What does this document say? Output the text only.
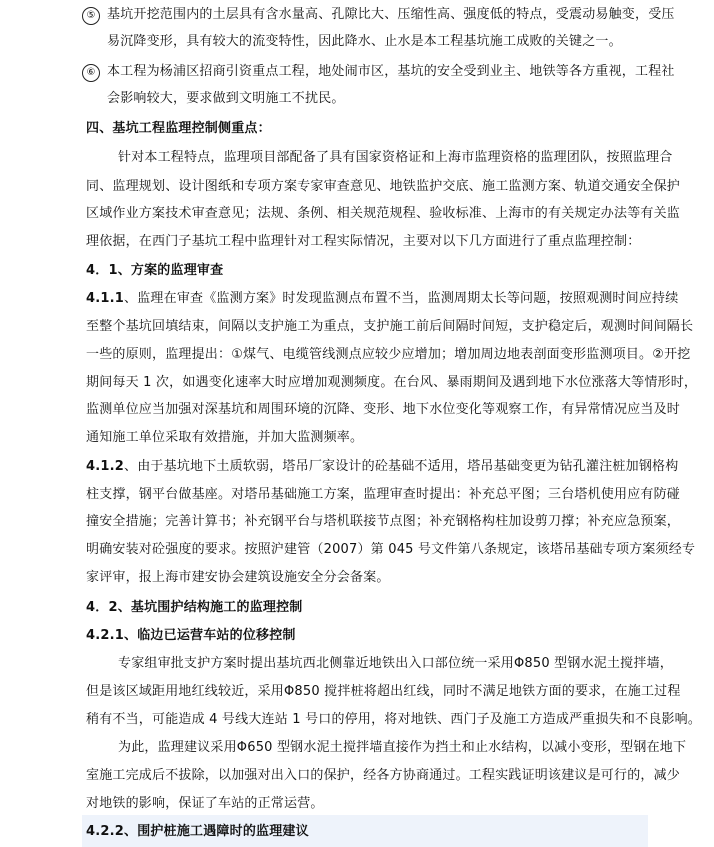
⑤ 基坑开挖范围内的土层具有含水量高、孔隙比大、压缩性高、强度低的特点，受震动易触变，受压
易沉降变形，具有较大的流变特性，因此降水、止水是本工程基坑施工成败的关键之一。
⑥ 本工程为杨浦区招商引资重点工程，地处闹市区，基坑的安全受到业主、地铁等各方重视，工程社
会影响较大，要求做到文明施工不扰民。
四、基坑工程监理控制侧重点：
针对本工程特点，监理项目部配备了具有国家资格证和上海市监理资格的监理团队，按照监理合
同、监理规划、设计图纸和专项方案专家审查意见、地铁监护交底、施工监测方案、轨道交通安全保护
区域作业方案技术审查意见；法规、条例、相关规范规程、验收标准、上海市的有关规定办法等有关监
理依据，在西门子基坑工程中监理针对工程实际情况，主要对以下几方面进行了重点监理控制：
4．1、方案的监理审查
4.1.1、监理在审查《监测方案》时发现监测点布置不当，监测周期太长等问题，按照观测时间应持续
至整个基坑回填结束，间隔以支护施工为重点，支护施工前后间隔时间短，支护稳定后，观测时间间隔长
一些的原则，监理提出：①煤气、电缆管线测点应较少应增加；增加周边地表剖面变形监测项目。②开挖
期间每天 1 次，如遇变化速率大时应增加观测频度。在台风、暴雨期间及遇到地下水位涨落大等情形时，
监测单位应当加强对深基坑和周围环境的沉降、变形、地下水位变化等观察工作，有异常情况应当及时
通知施工单位采取有效措施，并加大监测频率。
4.1.2、由于基坑地下土质软弱，塔吊厂家设计的砼基础不适用，塔吊基础变更为钻孔灌注桩加钢格构
柱支撑，钢平台做基座。对塔吊基础施工方案，监理审查时提出：补充总平图；三台塔机使用应有防碰
撞安全措施；完善计算书；补充钢平台与塔机联接节点图；补充钢格构柱加设剪刀撑；补充应急预案，
明确安装对砼强度的要求。按照沪建管（2007）第 045 号文件第八条规定，该塔吊基础专项方案须经专
家评审，报上海市建安协会建筑设施安全分会备案。
4．2、基坑围护结构施工的监理控制
4.2.1、临边已运营车站的位移控制
专家组审批支护方案时提出基坑西北侧靠近地铁出入口部位统一采用Φ850 型钢水泥土搅拌墙，
但是该区域距用地红线较近，采用Φ850 搅拌桩将超出红线，同时不满足地铁方面的要求，在施工过程
稍有不当，可能造成 4 号线大连站 1 号口的停用，将对地铁、西门子及施工方造成严重损失和不良影响。
为此，监理建议采用Φ650 型钢水泥土搅拌墙直接作为挡土和止水结构，以减小变形，型钢在地下
室施工完成后不拔除，以加强对出入口的保护，经各方协商通过。工程实践证明该建议是可行的，减少
对地铁的影响，保证了车站的正常运营。
4.2.2、围护桩施工遇障时的监理建议
